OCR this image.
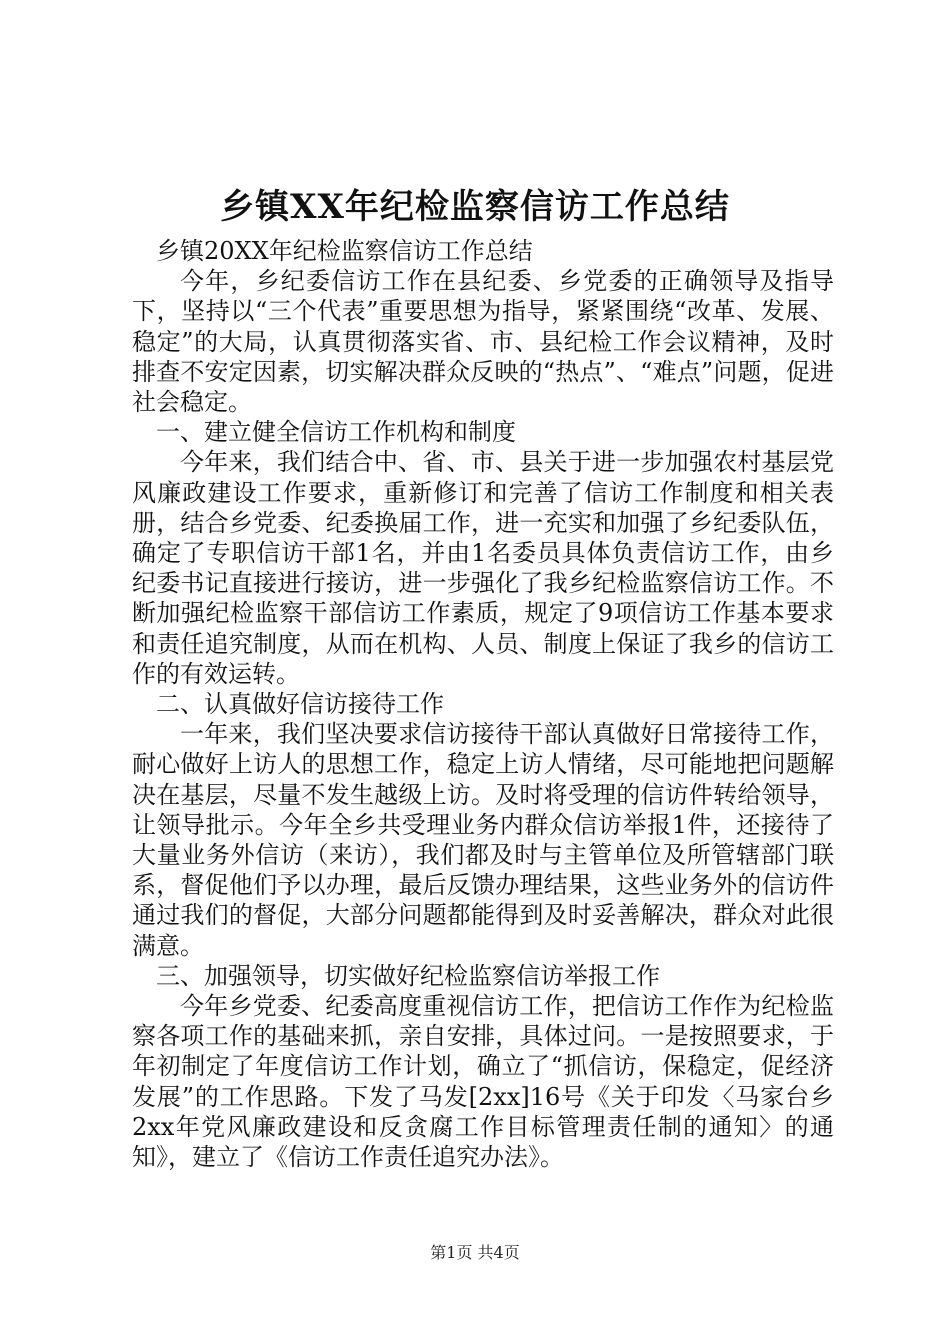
乡镇XX年纪检监察信访工作总结

乡镇20XX年纪检监察信访工作总结

今年，乡纪委信访工作在县纪委、乡党委的正确领导及指导下，坚持以“三个代表”重要思想为指导，紧紧围绕“改革、发展、稳定”的大局，认真贯彻落实省、市、县纪检工作会议精神，及时排查不安定因素，切实解决群众反映的“热点”、“难点”问题，促进社会稳定。

一、建立健全信访工作机构和制度

今年来，我们结合中、省、市、县关于进一步加强农村基层党风廉政建设工作要求，重新修订和完善了信访工作制度和相关表册，结合乡党委、纪委换届工作，进一充实和加强了乡纪委队伍，确定了专职信访干部1名，并由1名委员具体负责信访工作，由乡纪委书记直接进行接访，进一步强化了我乡纪检监察信访工作。不断加强纪检监察干部信访工作素质，规定了9项信访工作基本要求和责任追究制度，从而在机构、人员、制度上保证了我乡的信访工作的有效运转。

二、认真做好信访接待工作

一年来，我们坚决要求信访接待干部认真做好日常接待工作，耐心做好上访人的思想工作，稳定上访人情绪，尽可能地把问题解决在基层，尽量不发生越级上访。及时将受理的信访件转给领导，让领导批示。今年全乡共受理业务内群众信访举报1件，还接待了大量业务外信访（来访），我们都及时与主管单位及所管辖部门联系，督促他们予以办理，最后反馈办理结果，这些业务外的信访件通过我们的督促，大部分问题都能得到及时妥善解决，群众对此很满意。

三、加强领导，切实做好纪检监察信访举报工作

今年乡党委、纪委高度重视信访工作，把信访工作作为纪检监察各项工作的基础来抓，亲自安排，具体过问。一是按照要求，于年初制定了年度信访工作计划，确立了“抓信访，保稳定，促经济发展”的工作思路。下发了马发[2xx]16号《关于印发〈马家台乡2xx年党风廉政建设和反贪腐工作目标管理责任制的通知〉的通知》，建立了《信访工作责任追究办法》。

第1页 共4页
